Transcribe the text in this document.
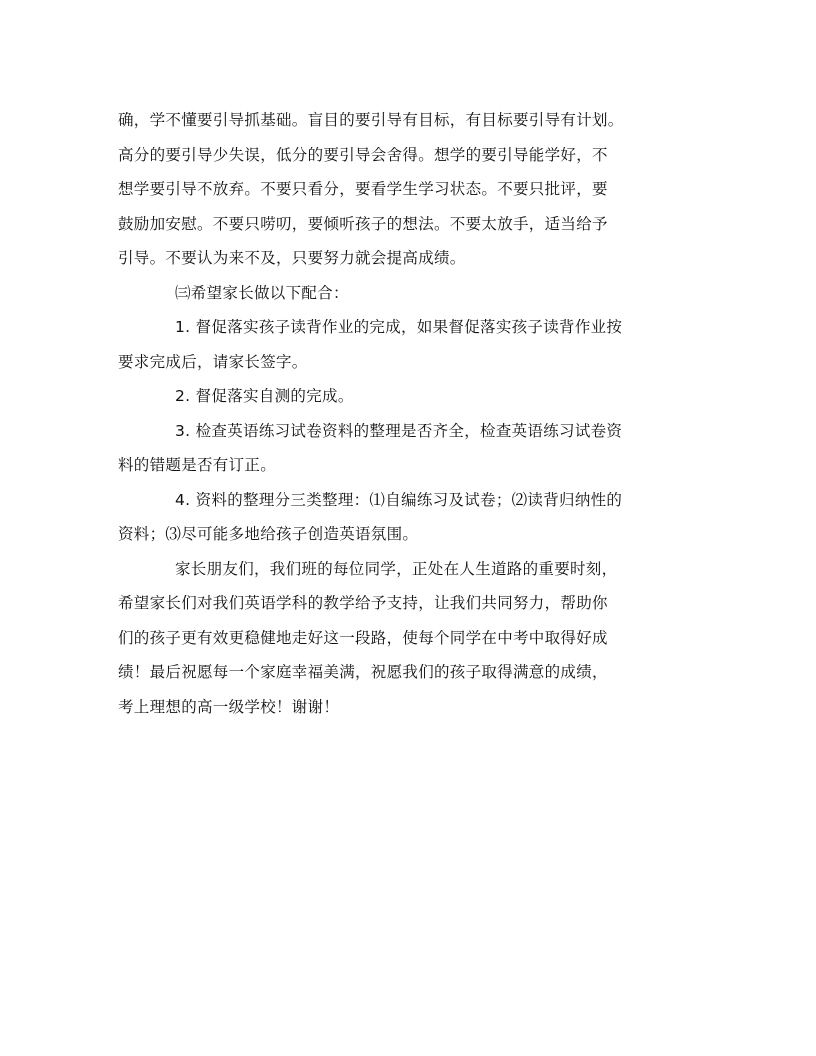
确，学不懂要引导抓基础。盲目的要引导有目标，有目标要引导有计划。
高分的要引导少失误，低分的要引导会舍得。想学的要引导能学好，不
想学要引导不放弃。不要只看分，要看学生学习状态。不要只批评，要
鼓励加安慰。不要只唠叨，要倾听孩子的想法。不要太放手，适当给予
引导。不要认为来不及，只要努力就会提高成绩。
㈢希望家长做以下配合：
1. 督促落实孩子读背作业的完成，如果督促落实孩子读背作业按
要求完成后，请家长签字。
2. 督促落实自测的完成。
3. 检查英语练习试卷资料的整理是否齐全，检查英语练习试卷资
料的错题是否有订正。
4. 资料的整理分三类整理：⑴自编练习及试卷；⑵读背归纳性的
资料；⑶尽可能多地给孩子创造英语氛围。
家长朋友们，我们班的每位同学，正处在人生道路的重要时刻，
希望家长们对我们英语学科的教学给予支持，让我们共同努力，帮助你
们的孩子更有效更稳健地走好这一段路，使每个同学在中考中取得好成
绩！最后祝愿每一个家庭幸福美满，祝愿我们的孩子取得满意的成绩，
考上理想的高一级学校！谢谢！
